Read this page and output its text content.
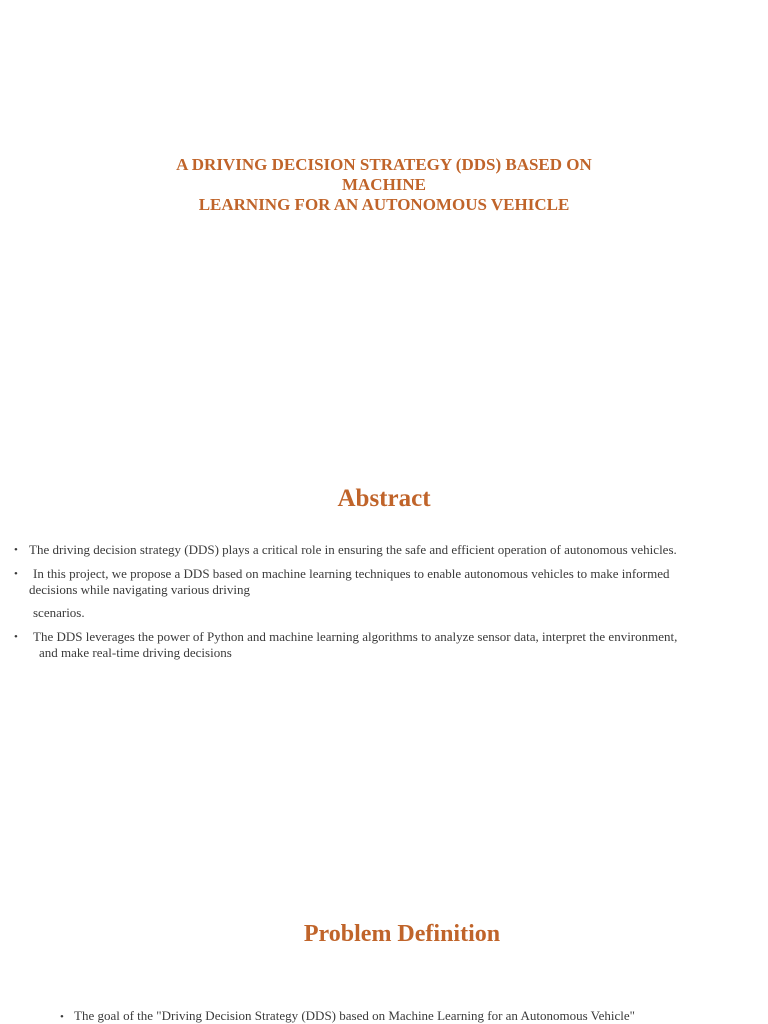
A DRIVING DECISION STRATEGY (DDS) BASED ON
MACHINE
LEARNING FOR AN AUTONOMOUS VEHICLE
Abstract
• The driving decision strategy (DDS) plays a critical role in ensuring the safe and efficient operation of autonomous vehicles.
• In this project, we propose a DDS based on machine learning techniques to enable autonomous vehicles to make informed
decisions while navigating various driving
scenarios.
• The DDS leverages the power of Python and machine learning algorithms to analyze sensor data, interpret the environment,
and make real-time driving decisions
Problem Definition
• The goal of the "Driving Decision Strategy (DDS) based on Machine Learning for an Autonomous Vehicle"
